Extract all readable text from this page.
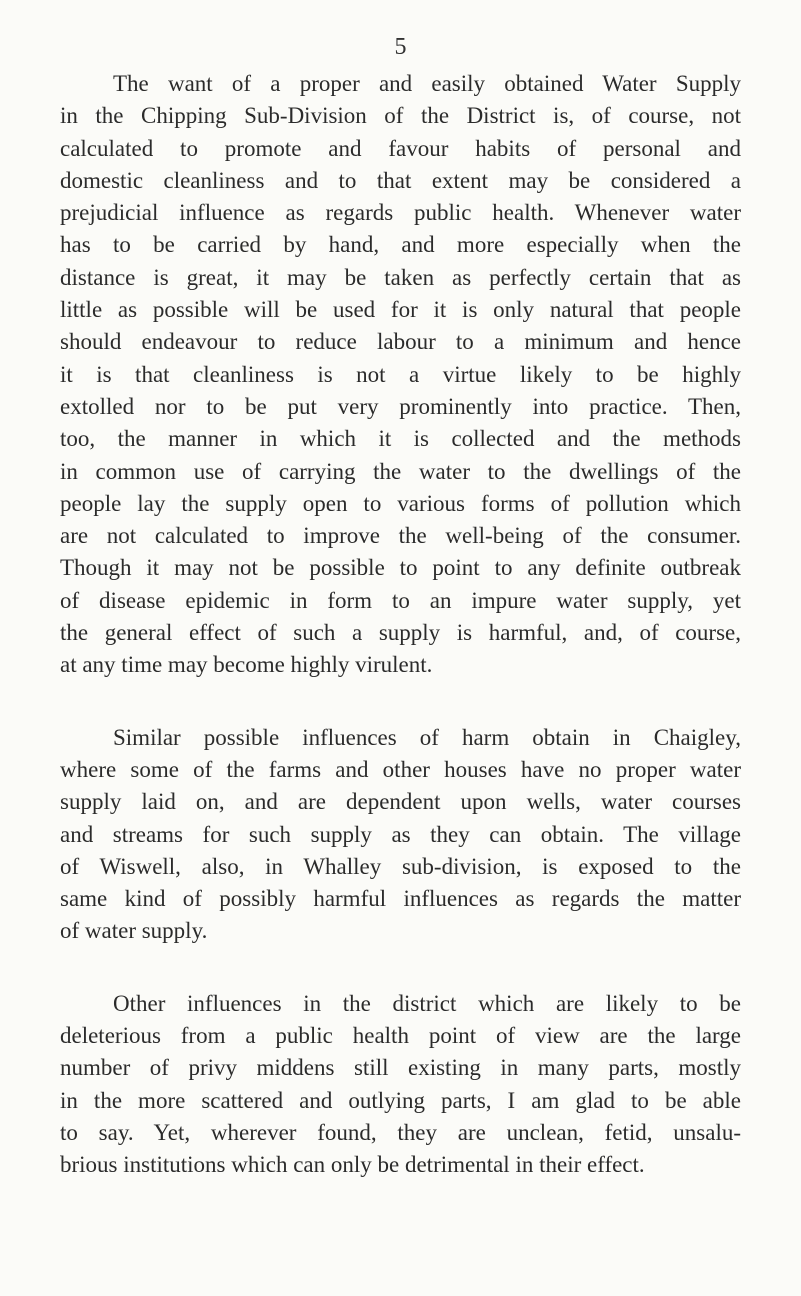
5

The want of a proper and easily obtained Water Supply
in the Chipping Sub-Division of the District is, of course, not
calculated to promote and favour habits of personal and
domestic cleanliness and to that extent may be considered a
prejudicial influence as regards public health. Whenever water
has to be carried by hand, and more especially when the
distance is great, it may be taken as perfectly certain that as
little as possible will be used for it is only natural that people
should endeavour to reduce labour to a minimum and hence
it is that cleanliness is not a virtue likely to be highly
extolled nor to be put very prominently into practice. Then,
too, the manner in which it is collected and the methods
in common use of carrying the water to the dwellings of the
people lay the supply open to various forms of pollution which
are not calculated to improve the well-being of the consumer.
Though it may not be possible to point to any definite outbreak
of disease epidemic in form to an impure water supply, yet
the general effect of such a supply is harmful, and, of course,
at any time may become highly virulent.

Similar possible influences of harm obtain in Chaigley,
where some of the farms and other houses have no proper water
supply laid on, and are dependent upon wells, water courses
and streams for such supply as they can obtain. The village
of Wiswell, also, in Whalley sub-division, is exposed to the
same kind of possibly harmful influences as regards the matter
of water supply.

Other influences in the district which are likely to be
deleterious from a public health point of view are the large
number of privy middens still existing in many parts, mostly
in the more scattered and outlying parts, I am glad to be able
to say. Yet, wherever found, they are unclean, fetid, unsalu-
brious institutions which can only be detrimental in their effect.
